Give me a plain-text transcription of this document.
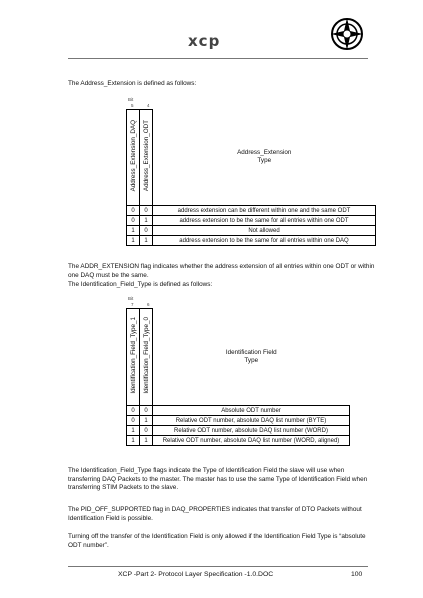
xcp
The Address_Extension is defined as follows:
Bit
5	4
Address_Extension_DAQ	Address_Extension_ODT	Address_Extension
Type

0	0	address extension can be different within one and the same ODT
0	1	address extension to be the same for all entries within one ODT
1	0	Not allowed
1	1	address extension to be the same for all entries within one DAQ
The ADDR_EXTENSION flag indicates whether the address extension of all entries within one ODT or within one DAQ must be the same.
The Identification_Field_Type is defined as follows:
Bit
7	6
Identification_Field_Type_1	Identification_Field_Type_0	Identification Field
Type

0	0	Absolute ODT number
0	1	Relative ODT number, absolute DAQ list number (BYTE)
1	0	Relative ODT number, absolute DAQ list number (WORD)
1	1	Relative ODT number, absolute DAQ list number (WORD, aligned)
The Identification_Field_Type flags indicate the Type of Identification Field the slave will use when transferring DAQ Packets to the master. The master has to use the same Type of Identification Field when transferring STIM Packets to the slave.
The PID_OFF_SUPPORTED flag in DAQ_PROPERTIES indicates that transfer of DTO Packets without Identification Field is possible.
Turning off the transfer of the Identification Field is only allowed if the Identification Field Type is “absolute ODT number”.
XCP -Part 2- Protocol Layer Specification -1.0.DOC	100
